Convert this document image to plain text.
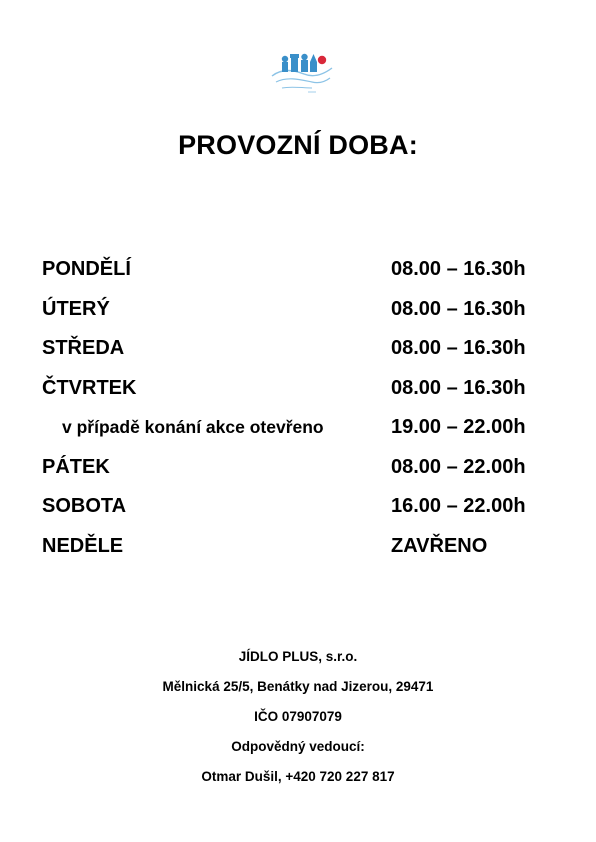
PROVOZNÍ DOBA:
PONDĚLÍ	08.00 – 16.30h
ÚTERÝ	08.00 – 16.30h
STŘEDA	08.00 – 16.30h
ČTVRTEK	08.00 – 16.30h
v případě konání akce otevřeno	19.00 – 22.00h
PÁTEK	08.00 – 22.00h
SOBOTA	16.00 – 22.00h
NEDĚLE	ZAVŘENO
JÍDLO PLUS, s.r.o.
Mělnická 25/5, Benátky nad Jizerou, 29471
IČO 07907079
Odpovědný vedoucí:
Otmar Dušil, +420 720 227 817
